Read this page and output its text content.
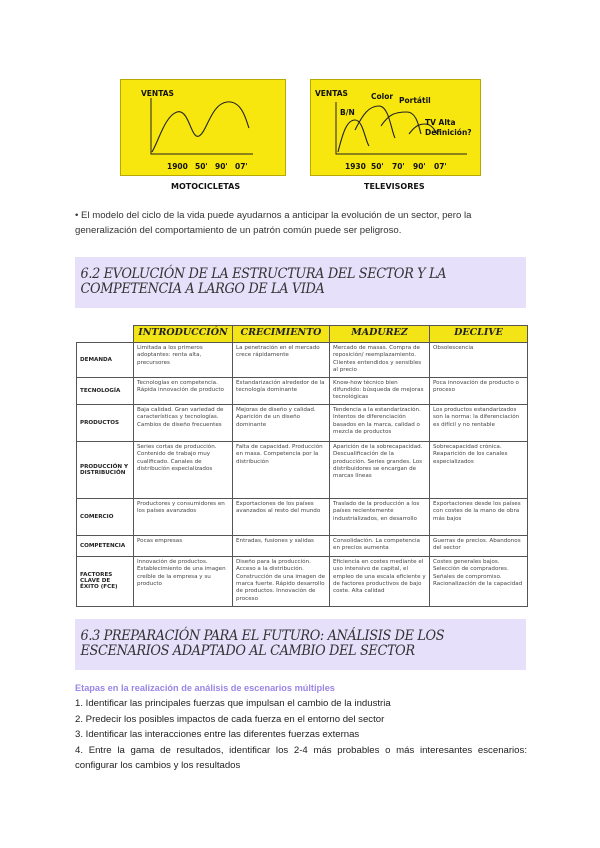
VENTAS
1900 50' 90' 07'
MOTOCICLETAS
VENTAS
B/N
Color Portátil
TV Alta
Definición?
1930 50' 70' 90' 07'
TELEVISORES

• El modelo del ciclo de la vida puede ayudarnos a anticipar la evolución de un sector, pero la generalización del comportamiento de un patrón común puede ser peligroso.

6.2 EVOLUCIÓN DE LA ESTRUCTURA DEL SECTOR Y LA COMPETENCIA A LARGO DE LA VIDA
	INTRODUCCIÓN	CRECIMIENTO	MADUREZ	DECLIVE
DEMANDA	Limitada a los primeros adoptantes: renta alta, precursores	La penetración en el mercado crece rápidamente	Mercado de masas. Compra de reposición/ reemplazamiento. Clientes entendidos y sensibles al precio	Obsolescencia
TECNOLOGÍA	Tecnologías en competencia. Rápida innovación de producto	Estandarización alrededor de la tecnología dominante	Know-how técnico bien difundido: búsqueda de mejoras tecnológicas	Poca innovación de producto o proceso
PRODUCTOS	Baja calidad. Gran variedad de características y tecnologías. Cambios de diseño frecuentes	Mejoras de diseño y calidad. Aparición de un diseño dominante	Tendencia a la estandarización. Intentos de diferenciación basados en la marca, calidad o mezcla de productos	Los productos estandarizados son la norma: la diferenciación es difícil y no rentable
PRODUCCIÓN Y DISTRIBUCIÓN	Series cortas de producción. Contenido de trabajo muy cualificado. Canales de distribución especializados	Falta de capacidad. Producción en masa. Competencia por la distribución	Aparición de la sobrecapacidad. Descualificación de la producción. Series grandes. Los distribuidores se encargan de marcas líneas	Sobrecapacidad crónica. Reaparición de los canales especializados
COMERCIO	Productores y consumidores en los países avanzados	Exportaciones de los países avanzados al resto del mundo	Traslado de la producción a los países recientemente industrializados, en desarrollo	Exportaciones desde los países con costes de la mano de obra más bajos
COMPETENCIA	Pocas empresas	Entradas, fusiones y salidas	Consolidación. La competencia en precios aumenta	Guerras de precios. Abandonos del sector
FACTORES CLAVE DE ÉXITO (FCE)	Innovación de productos. Establecimiento de una imagen creíble de la empresa y su producto	Diseño para la producción. Acceso a la distribución. Construcción de una imagen de marca fuerte. Rápido desarrollo de productos. Innovación de proceso	Eficiencia en costes mediante el uso intensivo de capital, el empleo de una escala eficiente y de factores productivos de bajo coste. Alta calidad	Costes generales bajos. Selección de compradores. Señales de compromiso. Racionalización de la capacidad
6.3 PREPARACIÓN PARA EL FUTURO: ANÁLISIS DE LOS ESCENARIOS ADAPTADO AL CAMBIO DEL SECTOR
Etapas en la realización de análisis de escenarios múltiples
1. Identificar las principales fuerzas que impulsan el cambio de la industria
2. Predecir los posibles impactos de cada fuerza en el entorno del sector
3. Identificar las interacciones entre las diferentes fuerzas externas
4. Entre la gama de resultados, identificar los 2-4 más probables o más interesantes escenarios: configurar los cambios y los resultados
